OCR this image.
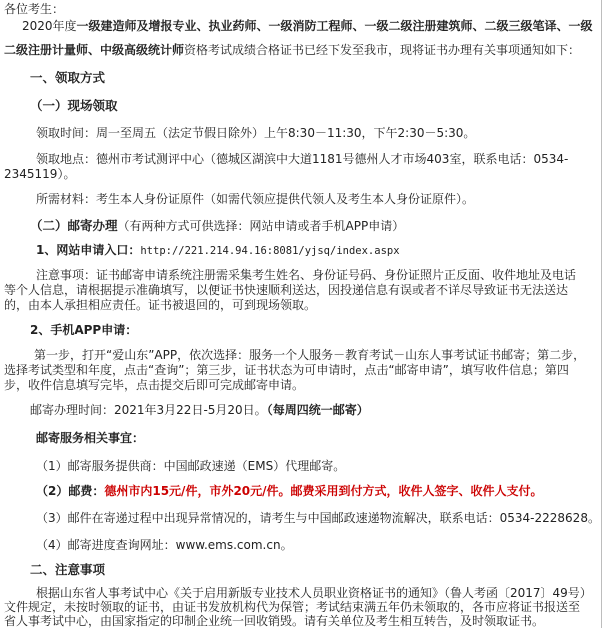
各位考生：
2020年度一级建造师及增报专业、执业药师、一级消防工程师、一级二级注册建筑师、二级三级笔译、一级
二级注册计量师、中级高级统计师资格考试成绩合格证书已经下发至我市，现将证书办理有关事项通知如下：
一、领取方式
（一）现场领取
领取时间：周一至周五（法定节假日除外）上午8:30－11:30，下午2:30－5:30。
领取地点：德州市考试测评中心（德城区湖滨中大道1181号德州人才市场403室，联系电话：0534-2345119）。
所需材料：考生本人身份证原件（如需代领应提供代领人及考生本人身份证原件）。
（二）邮寄办理（有两种方式可供选择：网站申请或者手机APP申请）
1、网站申请入口：http://221.214.94.16:8081/yjsq/index.aspx
注意事项：证书邮寄申请系统注册需采集考生姓名、身份证号码、身份证照片正反面、收件地址及电话等个人信息，请根据提示准确填写，以便证书快速顺利送达，因投递信息有误或者不详尽导致证书无法送达的，由本人承担相应责任。证书被退回的，可到现场领取。
2、手机APP申请：
第一步，打开“爱山东”APP，依次选择：服务一个人服务－教育考试－山东人事考试证书邮寄；第二步，选择考试类型和年度，点击“查询”；第三步，证书状态为可申请时，点击“邮寄申请”，填写收件信息；第四步，收件信息填写完毕，点击提交后即可完成邮寄申请。
邮寄办理时间：2021年3月22日-5月20日。（每周四统一邮寄）
邮寄服务相关事宜：
（1）邮寄服务提供商：中国邮政速递（EMS）代理邮寄。
（2）邮费：德州市内15元/件，市外20元/件。邮费采用到付方式，收件人签字、收件人支付。
（3）邮件在寄递过程中出现异常情况的，请考生与中国邮政速递物流解决，联系电话：0534-2228628。
（4）邮寄进度查询网址：www.ems.com.cn。
二、注意事项
根据山东省人事考试中心《关于启用新版专业技术人员职业资格证书的通知》（鲁人考函〔2017〕49号）文件规定，未按时领取的证书，由证书发放机构代为保管；考试结束满五年仍未领取的，各市应将证书报送至省人事考试中心，由国家指定的印制企业统一回收销毁。请有关单位及考生相互转告，及时领取证书。
